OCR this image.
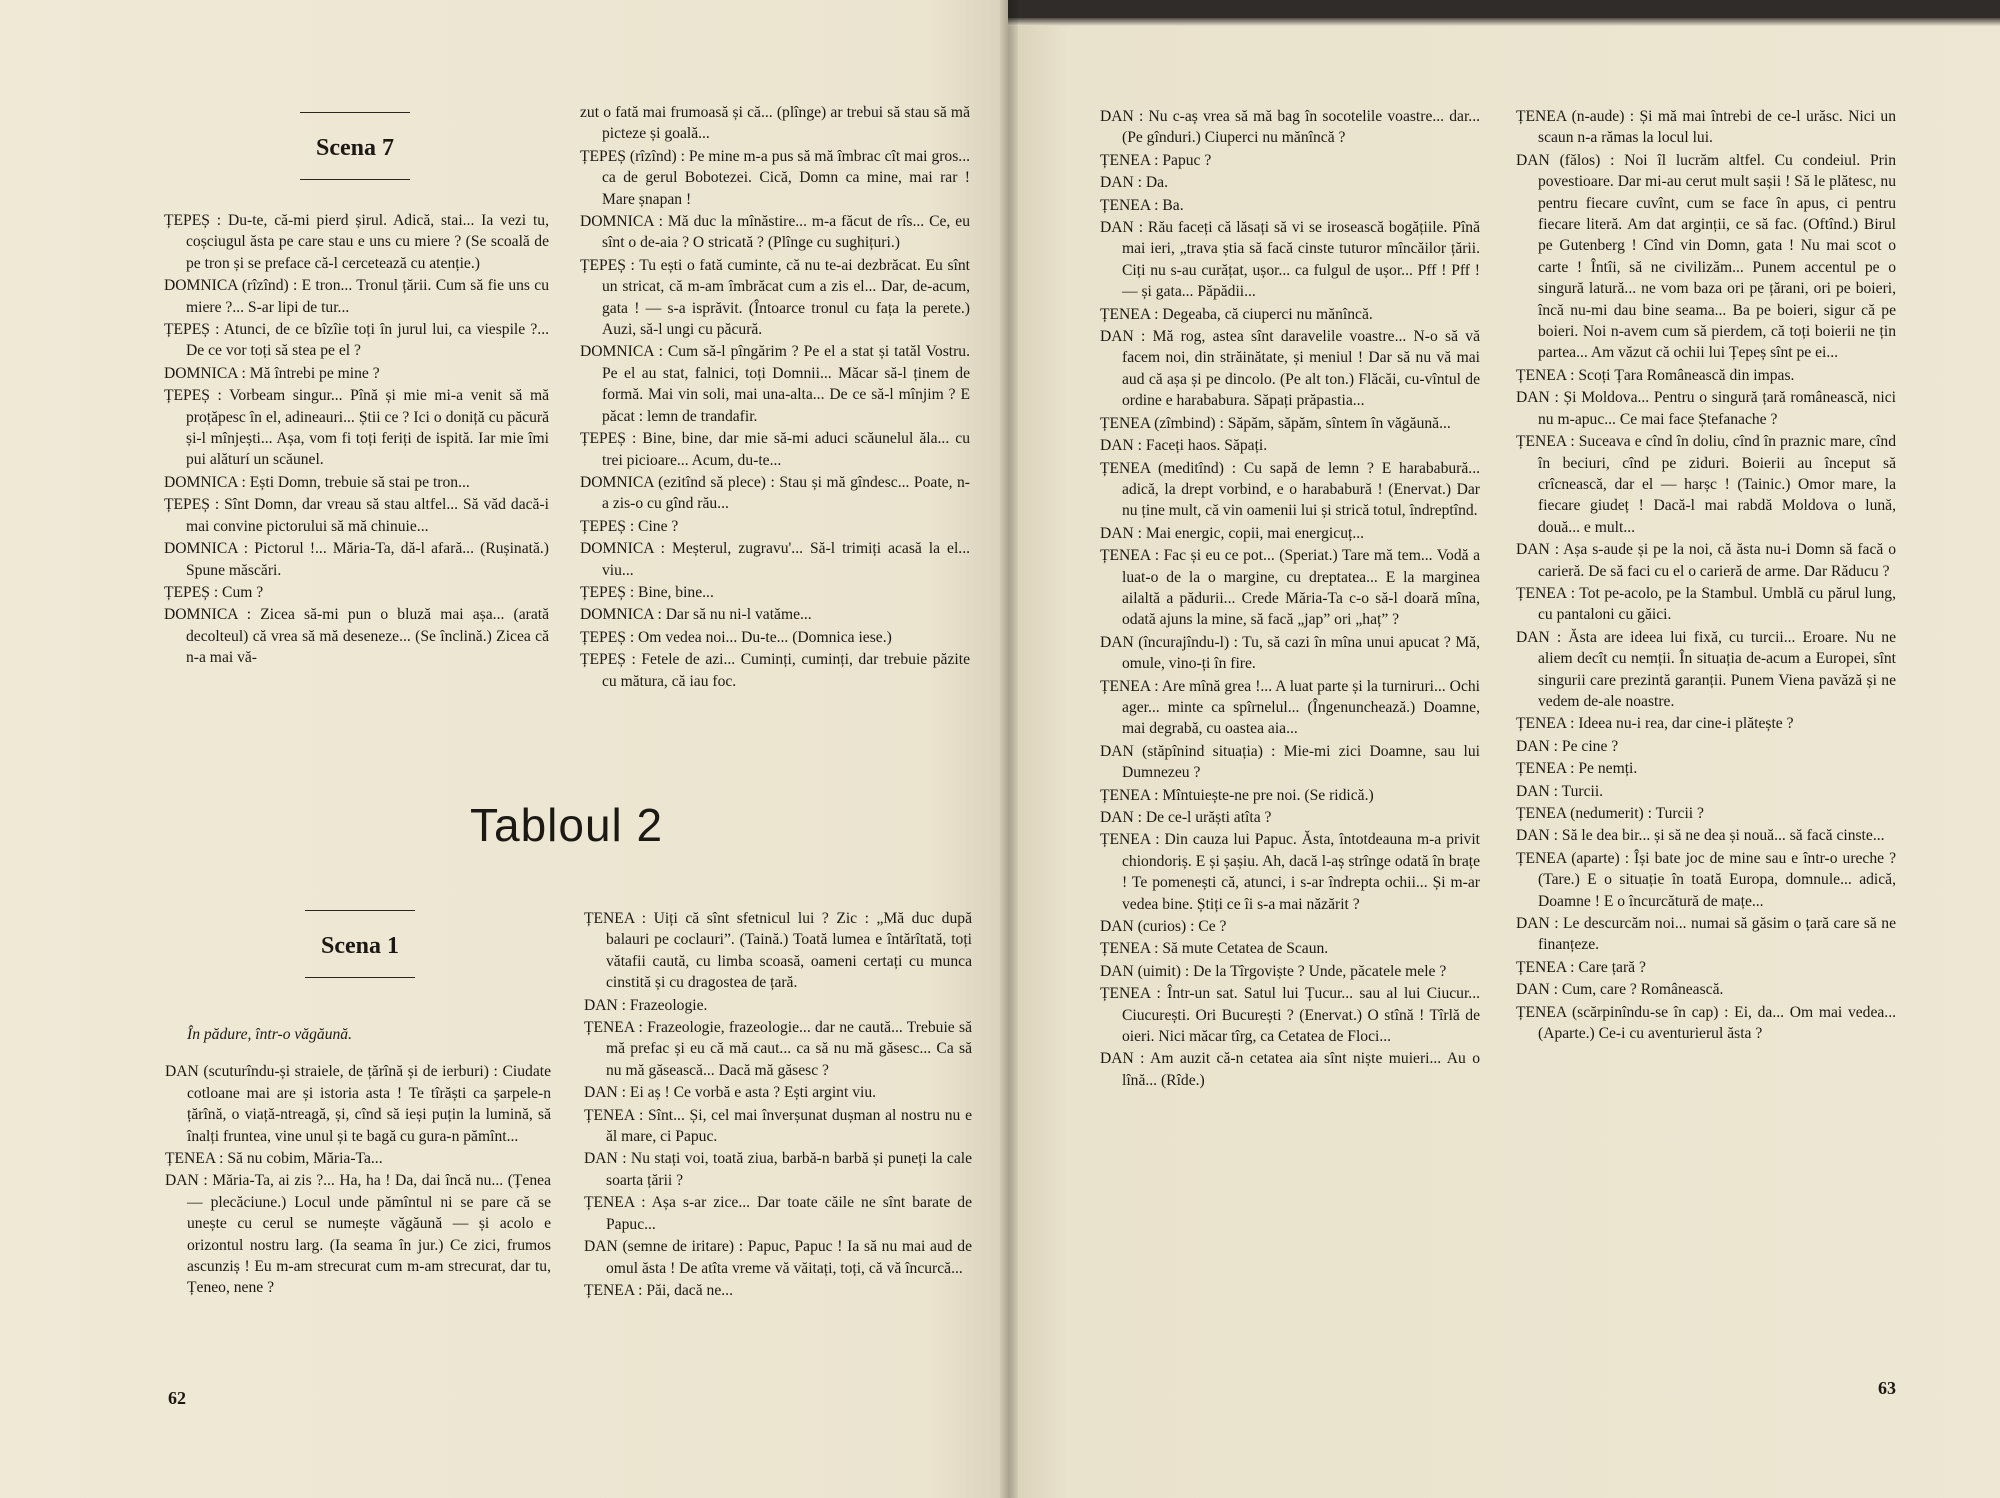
Scena 7

ȚEPEȘ : Du-te, că-mi pierd șirul. Adică, stai... Ia vezi tu, coșciugul ăsta pe care stau e uns cu miere ? (Se scoală de pe tron și se preface că-l cercetează cu atenție.)

DOMNICA (rîzînd) : E tron... Tronul țării. Cum să fie uns cu miere ?... S-ar lipi de tur...

ȚEPEȘ : Atunci, de ce bîzîie toți în jurul lui, ca viespile ?... De ce vor toți să stea pe el ?

DOMNICA : Mă întrebi pe mine ?

ȚEPEȘ : Vorbeam singur... Pînă și mie mi-a venit să mă proțăpesc în el, adineauri... Știi ce ? Ici o doniță cu păcură și-l mînjești... Așa, vom fi toți feriți de ispită. Iar mie îmi pui alăturí un scăunel.

DOMNICA : Ești Domn, trebuie să stai pe tron...

ȚEPEȘ : Sînt Domn, dar vreau să stau altfel... Să văd dacă-i mai convine pictorului să mă chinuie...

DOMNICA : Pictorul !... Măria-Ta, dă-l afară... (Rușinată.) Spune măscări.

ȚEPEȘ : Cum ?

DOMNICA : Zicea să-mi pun o bluză mai așa... (arată decolteul) că vrea să mă deseneze... (Se înclină.) Zicea că n-a mai vă-

zut o fată mai frumoasă și că... (plînge) ar trebui să stau să mă picteze și goală...

ȚEPEȘ (rîzînd) : Pe mine m-a pus să mă îmbrac cît mai gros... ca de gerul Bobotezei. Cică, Domn ca mine, mai rar ! Mare șnapan !

DOMNICA : Mă duc la mînăstire... m-a făcut de rîs... Ce, eu sînt o de-aia ? O stricată ? (Plînge cu sughițuri.)

ȚEPEȘ : Tu ești o fată cuminte, că nu te-ai dezbrăcat. Eu sînt un stricat, că m-am îmbrăcat cum a zis el... Dar, de-acum, gata ! — s-a isprăvit. (Întoarce tronul cu fața la perete.) Auzi, să-l ungi cu păcură.

DOMNICA : Cum să-l pîngărim ? Pe el a stat și tatăl Vostru. Pe el au stat, falnici, toți Domnii... Măcar să-l ținem de formă. Mai vin soli, mai una-alta... De ce să-l mînjim ? E păcat : lemn de trandafir.

ȚEPEȘ : Bine, bine, dar mie să-mi aduci scăunelul ăla... cu trei picioare... Acum, du-te...

DOMNICA (ezitînd să plece) : Stau și mă gîndesc... Poate, n-a zis-o cu gînd rău...

ȚEPEȘ : Cine ?

DOMNICA : Meșterul, zugravu'... Să-l trimiți acasă la el... viu...

ȚEPEȘ : Bine, bine...

DOMNICA : Dar să nu ni-l vatămе...

ȚEPEȘ : Om vedea noi... Du-te... (Domnica iese.)

ȚEPEȘ : Fetele de azi... Cuminți, cuminți, dar trebuie păzite cu mătura, că iau foc.

Tabloul 2
Scena 1

În pădure, într-o văgăună.

DAN (scuturîndu-și straiele, de țărînă și de ierburi) : Ciudate cotloane mai are și istoria asta ! Te tîrăști ca șarpele-n țărînă, o viață-ntreagă, și, cînd să ieși puțin la lumină, să înalți fruntea, vine unul și te bagă cu gura-n pămînt...

ȚENEA : Să nu cobim, Măria-Ta...

DAN : Măria-Ta, ai zis ?... Ha, ha ! Da, dai încă nu... (Țenea — plecăciune.) Locul unde pămîntul ni se pare că se unește cu cerul se numește văgăună — și acolo e orizontul nostru larg. (Ia seama în jur.) Ce zici, frumos ascunziș ! Eu m-am strecurat cum m-am strecurat, dar tu, Țeneo, nene ?

ȚENEA : Uiți că sînt sfetnicul lui ? Zic : „Mă duc după balauri pe coclauri”. (Taină.) Toată lumea e întărîtată, toți vătafii caută, cu limba scoasă, oameni certați cu munca cinstită și cu dragostea de țară.

DAN : Frazeologie.

ȚENEA : Frazeologie, frazeologie... dar ne caută... Trebuie să mă prefac și eu că mă caut... ca să nu mă găsesc... Ca să nu mă găsească... Dacă mă găsesc ?

DAN : Ei aș ! Ce vorbă e asta ? Ești argint viu.

ȚENEA : Sînt... Și, cel mai înverșunat dușman al nostru nu e ăl mare, ci Papuc.

DAN : Nu stați voi, toată ziua, barbă-n barbă și puneți la cale soarta țării ?

ȚENEA : Așa s-ar zice... Dar toate căile ne sînt barate de Papuc...

DAN (semne de iritare) : Papuc, Papuc ! Ia să nu mai aud de omul ăsta ! De atîta vreme vă văitați, toți, că vă încurcă...

ȚENEA : Păi, dacă ne...

62

DAN : Nu c-aș vrea să mă bag în socotelile voastre... dar... (Pe gînduri.) Ciuperci nu mănîncă ?

ȚENEA : Papuc ?

DAN : Da.

ȚENEA : Ba.

DAN : Rău faceți că lăsați să vi se irosească bogățiile. Pînă mai ieri, „trava știa să facă cinste tuturor mîncăilor țării. Ciți nu s-au curățat, ușor... ca fulgul de ușor... Pff ! Pff ! — și gata... Păpădii...

ȚENEA : Degeaba, că ciuperci nu mănîncă.

DAN : Mă rog, astea sînt daravelile voastre... N-o să vă facem noi, din străinătate, și meniul ! Dar să nu vă mai aud că așa și pe dincolo. (Pe alt ton.) Flăcăi, cu-vîntul de ordine e harababura. Săpați prăpastia...

ȚENEA (zîmbind) : Săpăm, săpăm, sîntem în văgăună...

DAN : Faceți haos. Săpați.

ȚENEA (meditînd) : Cu sapă de lemn ? E harababură... adică, la drept vorbind, e o harababură ! (Enervat.) Dar nu ține mult, că vin oamenii lui și strică totul, îndreptînd.

DAN : Mai energic, copii, mai energicuț...

ȚENEA : Fac și eu ce pot... (Speriat.) Tare mă tem... Vodă a luat-o de la o margine, cu dreptatea... E la marginea ailaltă a pădurii... Crede Măria-Ta c-o să-l doară mîna, odată ajuns la mine, să facă „jap” ori „haț” ?

DAN (încurajîndu-l) : Tu, să cazi în mîna unui apucat ? Mă, omule, vino-ți în fire.

ȚENEA : Are mînă grea !... A luat parte și la turniruri... Ochi ager... minte ca spîrnelul... (Îngenunchează.) Doamne, mai degrabă, cu oastea aia...

DAN (stăpînind situația) : Mie-mi zici Doamne, sau lui Dumnezeu ?

ȚENEA : Mîntuiește-ne pre noi. (Se ridică.)

DAN : De ce-l urăști atîta ?

ȚENEA : Din cauza lui Papuc. Ăsta, întotdeauna m-a privit chiondoriș. E și șașiu. Ah, dacă l-aș strînge odată în brațe ! Te pomenești că, atunci, i s-ar îndrepta ochii... Și m-ar vedea bine. Știți ce îi s-a mai năzărit ?

DAN (curios) : Ce ?

ȚENEA : Să mute Cetatea de Scaun.

DAN (uimit) : De la Tîrgoviște ? Unde, păcatele mele ?

ȚENEA : Într-un sat. Satul lui Țucur... sau al lui Ciucur... Ciucurești. Ori București ? (Enervat.) O stînă ! Tîrlă de oieri. Nici măcar tîrg, ca Cetatea de Floci...

DAN : Am auzit că-n cetatea aia sînt niște muieri... Au o lînă... (Rîde.)

ȚENEA (n-aude) : Și mă mai întrebi de ce-l urăsc. Nici un scaun n-a rămas la locul lui.

DAN (fălos) : Noi îl lucrăm altfel. Cu condeiul. Prin povestioare. Dar mi-au cerut mult sașii ! Să le plătesc, nu pentru fiecare cuvînt, cum se face în apus, ci pentru fiecare literă. Am dat arginții, ce să fac. (Oftînd.) Birul pe Gutenberg ! Cînd vin Domn, gata ! Nu mai scot o carte ! Întîi, să ne civilizăm... Punem accentul pe o singură latură... ne vom baza ori pe țărani, ori pe boieri, încă nu-mi dau bine seama... Ba pe boieri, sigur că pe boieri. Noi n-avem cum să pierdem, că toți boierii ne țin partea... Am văzut că ochii lui Țepeș sînt pe ei...

ȚENEA : Scoți Țara Românească din impas.

DAN : Și Moldova... Pentru o singură țară românească, nici nu m-apuc... Ce mai face Ștefanache ?

ȚENEA : Suceava e cînd în doliu, cînd în praznic mare, cînd în beciuri, cînd pe ziduri. Boierii au început să crîcnească, dar el — harșc ! (Tainic.) Omor mare, la fiecare giudeț ! Dacă-l mai rabdă Moldova o lună, două... e mult...

DAN : Așa s-aude și pe la noi, că ăsta nu-i Domn să facă o carieră. De să faci cu el o carieră de arme. Dar Răducu ?

ȚENEA : Tot pe-acolo, pe la Stambul. Umblă cu părul lung, cu pantaloni cu găici.

DAN : Ăsta are ideea lui fixă, cu turcii... Eroare. Nu ne aliem decît cu nemții. În situația de-acum a Europei, sînt singurii care prezintă garanții. Punem Viena pavăză și ne vedem de-ale noastre.

ȚENEA : Ideea nu-i rea, dar cine-i plătește ?

DAN : Pe cine ?

ȚENEA : Pe nemți.

DAN : Turcii.

ȚENEA (nedumerit) : Turcii ?

DAN : Să le dea bir... și să ne dea și nouă... să facă cinste...

ȚENEA (aparte) : Își bate joc de mine sau e într-o ureche ? (Tare.) E o situație în toată Europa, domnule... adică, Doamne ! E o încurcătură de mațe...

DAN : Le descurcăm noi... numai să găsim o țară care să ne finanțeze.

ȚENEA : Care țară ?

DAN : Cum, care ? Românească.

ȚENEA (scărpinîndu-se în cap) : Ei, da... Om mai vedea... (Aparte.) Ce-i cu aventurierul ăsta ?

63
